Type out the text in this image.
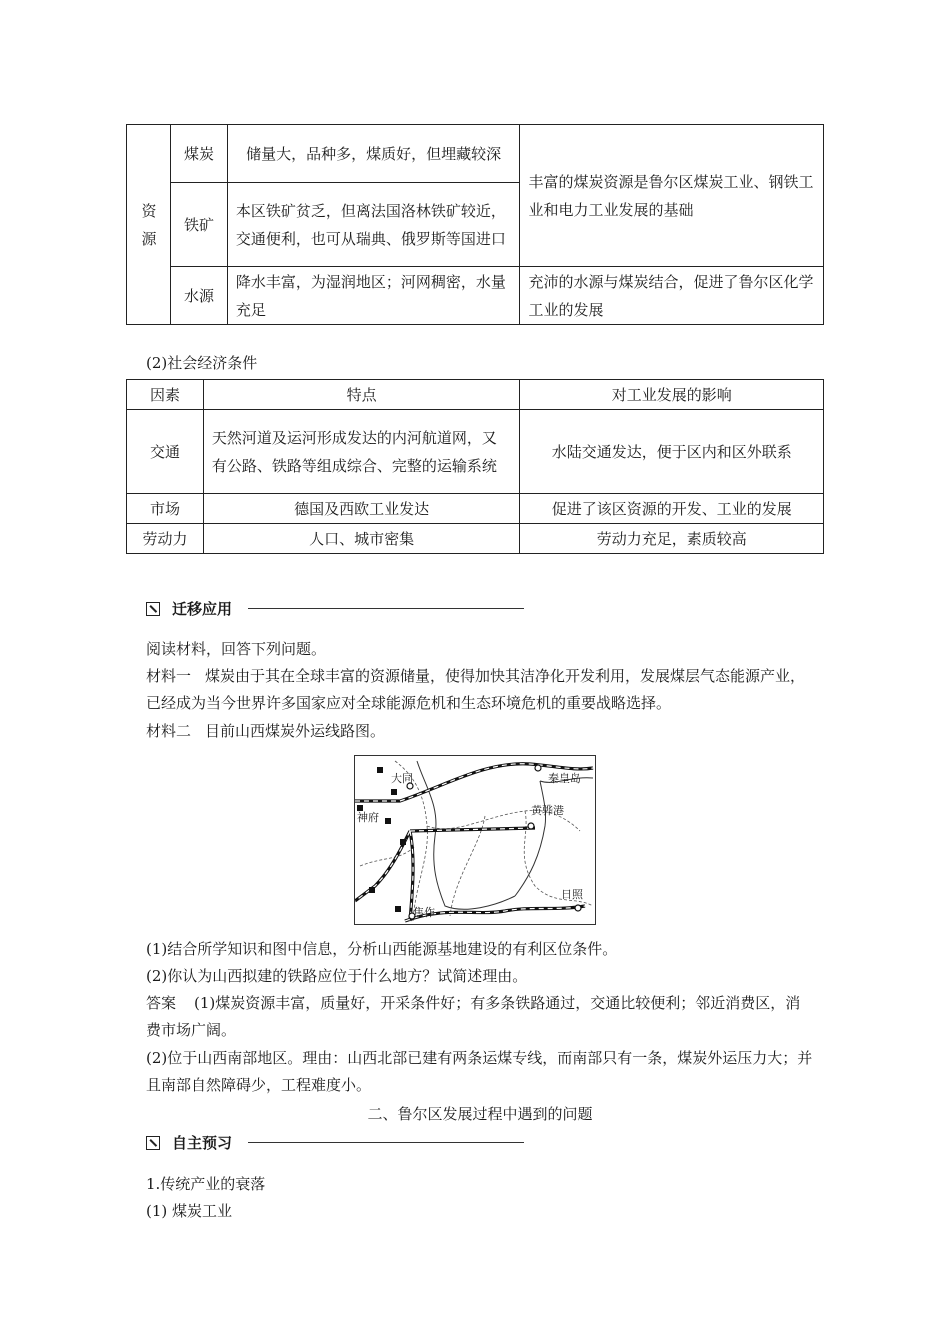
资源	煤炭	储量大，品种多，煤质好，但埋藏较深	丰富的煤炭资源是鲁尔区煤炭工业、钢铁工业和电力工业发展的基础
	铁矿	本区铁矿贫乏，但离法国洛林铁矿较近，交通便利，也可从瑞典、俄罗斯等国进口	
	水源	降水丰富，为湿润地区；河网稠密，水量充足	充沛的水源与煤炭结合，促进了鲁尔区化学工业的发展
(2)社会经济条件
因素	特点	对工业发展的影响
交通	天然河道及运河形成发达的内河航道网，又有公路、铁路等组成综合、完整的运输系统	水陆交通发达，便于区内和区外联系
市场	德国及西欧工业发达	促进了该区资源的开发、工业的发展
劳动力	人口、城市密集	劳动力充足，素质较高
迁移应用
阅读材料，回答下列问题。
材料一 煤炭由于其在全球丰富的资源储量，使得加快其洁净化开发利用，发展煤层气态能源产业，已经成为当今世界许多国家应对全球能源危机和生态环境危机的重要战略选择。
材料二 目前山西煤炭外运线路图。
大同	秦皇岛
黄骅港
神府
焦作
日照
(1)结合所学知识和图中信息，分析山西能源基地建设的有利区位条件。
(2)你认为山西拟建的铁路应位于什么地方？试简述理由。
答案 (1)煤炭资源丰富，质量好，开采条件好；有多条铁路通过，交通比较便利；邻近消费区，消费市场广阔。
(2)位于山西南部地区。理由：山西北部已建有两条运煤专线，而南部只有一条，煤炭外运压力大；并且南部自然障碍少，工程难度小。
二、鲁尔区发展过程中遇到的问题
自主预习
1.传统产业的衰落
(1) 煤炭工业
